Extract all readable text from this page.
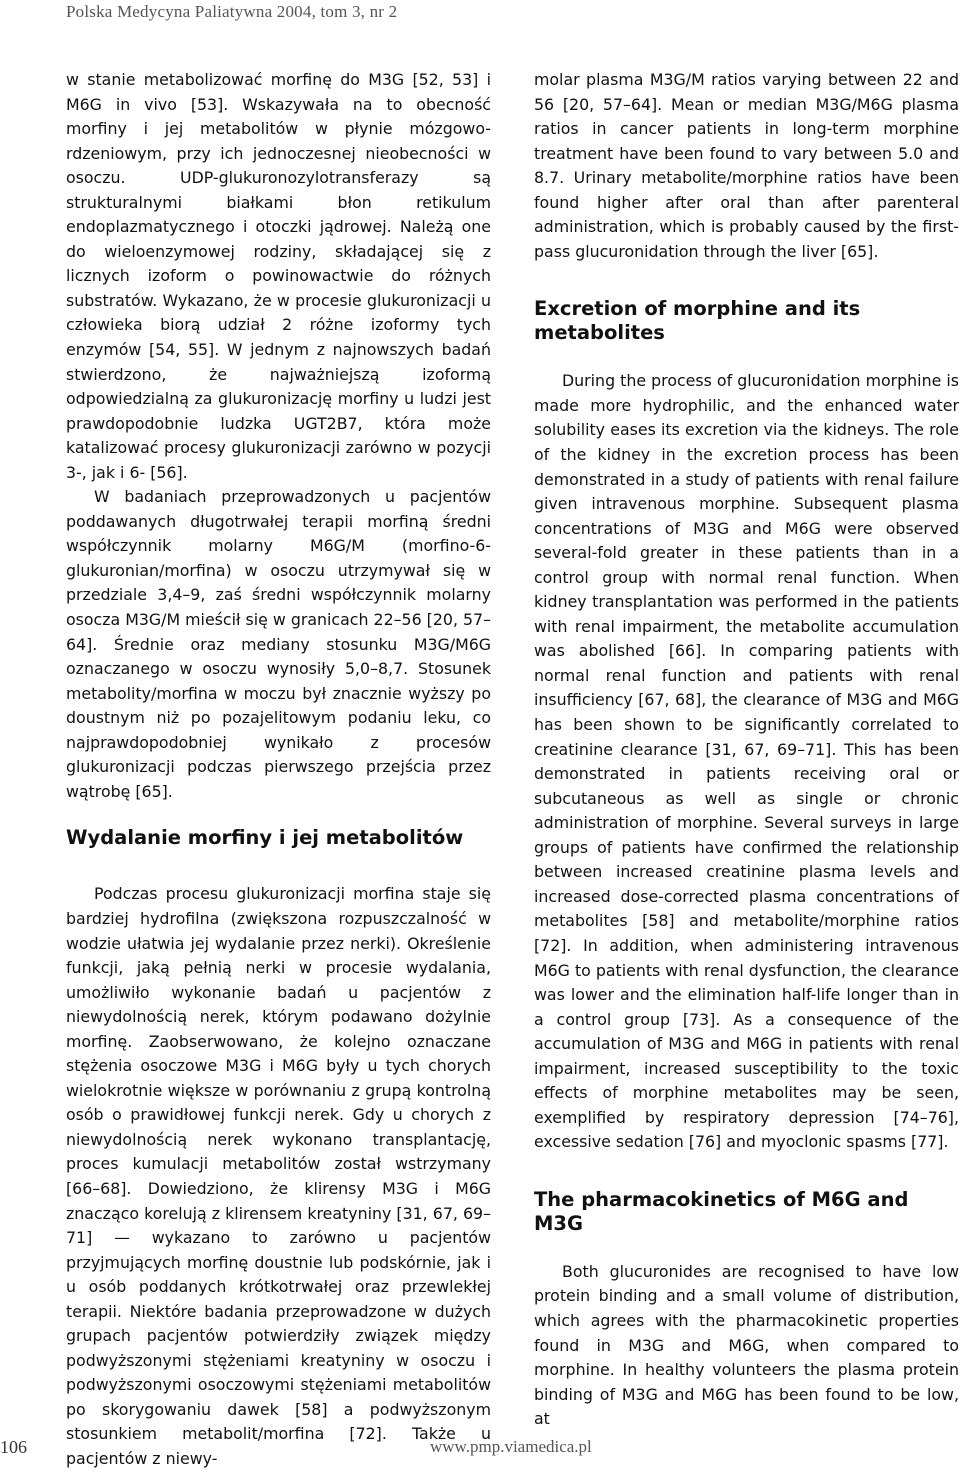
Polska Medycyna Paliatywna 2004, tom 3, nr 2

w stanie metabolizować morfinę do M3G [52, 53] i M6G in vivo [53]. Wskazywała na to obecność morfiny i jej metabolitów w płynie mózgowo-rdzeniowym, przy ich jednoczesnej nieobecności w osoczu. UDP-glukuronozylotransferazy są strukturalnymi białkami błon retikulum endoplazmatycznego i otoczki jądrowej. Należą one do wieloenzymowej rodziny, składającej się z licznych izoform o powinowactwie do różnych substratów. Wykazano, że w procesie glukuronizacji u człowieka biorą udział 2 różne izoformy tych enzymów [54, 55]. W jednym z najnowszych badań stwierdzono, że najważniejszą izoformą odpowiedzialną za glukuronizację morfiny u ludzi jest prawdopodobnie ludzka UGT2B7, która może katalizować procesy glukuronizacji zarówno w pozycji 3-, jak i 6- [56].

W badaniach przeprowadzonych u pacjentów poddawanych długotrwałej terapii morfiną średni współczynnik molarny M6G/M (morfino-6-glukuronian/morfina) w osoczu utrzymywał się w przedziale 3,4–9, zaś średni współczynnik molarny osocza M3G/M mieścił się w granicach 22–56 [20, 57–64]. Średnie oraz mediany stosunku M3G/M6G oznaczanego w osoczu wynosiły 5,0–8,7. Stosunek metabolity/morfina w moczu był znacznie wyższy po doustnym niż po pozajelitowym podaniu leku, co najprawdopodobniej wynikało z procesów glukuronizacji podczas pierwszego przejścia przez wątrobę [65].

Wydalanie morfiny i jej metabolitów

Podczas procesu glukuronizacji morfina staje się bardziej hydrofilna (zwiększona rozpuszczalność w wodzie ułatwia jej wydalanie przez nerki). Określenie funkcji, jaką pełnią nerki w procesie wydalania, umożliwiło wykonanie badań u pacjentów z niewydolnością nerek, którym podawano dożylnie morfinę. Zaobserwowano, że kolejno oznaczane stężenia osoczowe M3G i M6G były u tych chorych wielokrotnie większe w porównaniu z grupą kontrolną osób o prawidłowej funkcji nerek. Gdy u chorych z niewydolnością nerek wykonano transplantację, proces kumulacji metabolitów został wstrzymany [66–68]. Dowiedziono, że klirensy M3G i M6G znacząco korelują z klirensem kreatyniny [31, 67, 69–71] — wykazano to zarówno u pacjentów przyjmujących morfinę doustnie lub podskórnie, jak i u osób poddanych krótkotrwałej oraz przewlekłej terapii. Niektóre badania przeprowadzone w dużych grupach pacjentów potwierdziły związek między podwyższonymi stężeniami kreatyniny w osoczu i podwyższonymi osoczowymi stężeniami metabolitów po skorygowaniu dawek [58] a podwyższonym stosunkiem metabolit/morfina [72]. Także u pacjentów z niewy-

molar plasma M3G/M ratios varying between 22 and 56 [20, 57–64]. Mean or median M3G/M6G plasma ratios in cancer patients in long-term morphine treatment have been found to vary between 5.0 and 8.7. Urinary metabolite/morphine ratios have been found higher after oral than after parenteral administration, which is probably caused by the first-pass glucuronidation through the liver [65].

Excretion of morphine and its metabolites

During the process of glucuronidation morphine is made more hydrophilic, and the enhanced water solubility eases its excretion via the kidneys. The role of the kidney in the excretion process has been demonstrated in a study of patients with renal failure given intravenous morphine. Subsequent plasma concentrations of M3G and M6G were observed several-fold greater in these patients than in a control group with normal renal function. When kidney transplantation was performed in the patients with renal impairment, the metabolite accumulation was abolished [66]. In comparing patients with normal renal function and patients with renal insufficiency [67, 68], the clearance of M3G and M6G has been shown to be significantly correlated to creatinine clearance [31, 67, 69–71]. This has been demonstrated in patients receiving oral or subcutaneous as well as single or chronic administration of morphine. Several surveys in large groups of patients have confirmed the relationship between increased creatinine plasma levels and increased dose-corrected plasma concentrations of metabolites [58] and metabolite/morphine ratios [72]. In addition, when administering intravenous M6G to patients with renal dysfunction, the clearance was lower and the elimination half-life longer than in a control group [73]. As a consequence of the accumulation of M3G and M6G in patients with renal impairment, increased susceptibility to the toxic effects of morphine metabolites may be seen, exemplified by respiratory depression [74–76], excessive sedation [76] and myoclonic spasms [77].

The pharmacokinetics of M6G and M3G

Both glucuronides are recognised to have low protein binding and a small volume of distribution, which agrees with the pharmacokinetic properties found in M3G and M6G, when compared to morphine. In healthy volunteers the plasma protein binding of M3G and M6G has been found to be low, at

106	www.pmp.viamedica.pl
